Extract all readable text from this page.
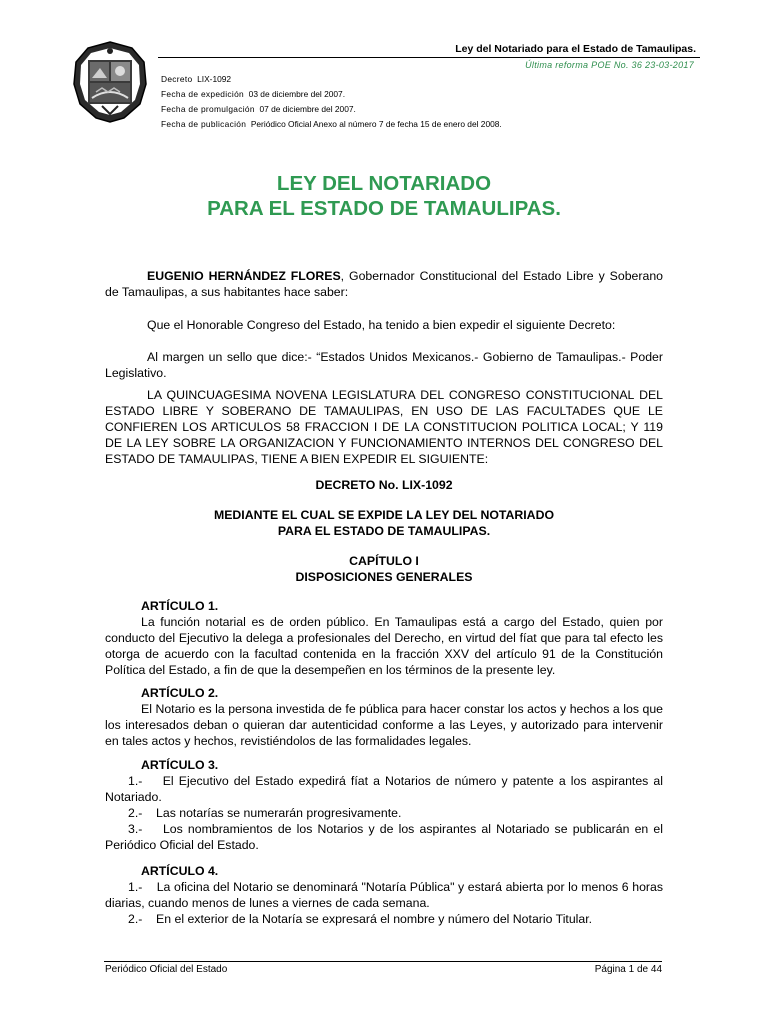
Ley del Notariado para el Estado de Tamaulipas.
Última reforma POE No. 36 23-03-2017
Decreto LIX-1092
Fecha de expedición 03 de diciembre del 2007.
Fecha de promulgación 07 de diciembre del 2007.
Fecha de publicación Periódico Oficial Anexo al número 7 de fecha 15 de enero del 2008.
LEY DEL NOTARIADO
PARA EL ESTADO DE TAMAULIPAS.

EUGENIO HERNÁNDEZ FLORES, Gobernador Constitucional del Estado Libre y Soberano de Tamaulipas, a sus habitantes hace saber:

Que el Honorable Congreso del Estado, ha tenido a bien expedir el siguiente Decreto:

Al margen un sello que dice:- “Estados Unidos Mexicanos.- Gobierno de Tamaulipas.- Poder Legislativo.

LA QUINCUAGESIMA NOVENA LEGISLATURA DEL CONGRESO CONSTITUCIONAL DEL ESTADO LIBRE Y SOBERANO DE TAMAULIPAS, EN USO DE LAS FACULTADES QUE LE CONFIEREN LOS ARTICULOS 58 FRACCION I DE LA CONSTITUCION POLITICA LOCAL; Y 119 DE LA LEY SOBRE LA ORGANIZACION Y FUNCIONAMIENTO INTERNOS DEL CONGRESO DEL ESTADO DE TAMAULIPAS, TIENE A BIEN EXPEDIR EL SIGUIENTE:

DECRETO No. LIX-1092
MEDIANTE EL CUAL SE EXPIDE LA LEY DEL NOTARIADO
PARA EL ESTADO DE TAMAULIPAS.
CAPÍTULO I
DISPOSICIONES GENERALES
ARTÍCULO 1.

La función notarial es de orden público. En Tamaulipas está a cargo del Estado, quien por conducto del Ejecutivo la delega a profesionales del Derecho, en virtud del fíat que para tal efecto les otorga de acuerdo con la facultad contenida en la fracción XXV del artículo 91 de la Constitución Política del Estado, a fin de que la desempeñen en los términos de la presente ley.

ARTÍCULO 2.

El Notario es la persona investida de fe pública para hacer constar los actos y hechos a los que los interesados deban o quieran dar autenticidad conforme a las Leyes, y autorizado para intervenir en tales actos y hechos, revistiéndolos de las formalidades legales.

ARTÍCULO 3.

1.-    El Ejecutivo del Estado expedirá fíat a Notarios de número y patente a los aspirantes al Notariado.

2.-    Las notarías se numerarán progresivamente.

3.-    Los nombramientos de los Notarios y de los aspirantes al Notariado se publicarán en el Periódico Oficial del Estado.

ARTÍCULO 4.

1.-    La oficina del Notario se denominará "Notaría Pública" y estará abierta por lo menos 6 horas diarias, cuando menos de lunes a viernes de cada semana.

2.-    En el exterior de la Notaría se expresará el nombre y número del Notario Titular.

Periódico Oficial del Estado	Página 1 de 44
